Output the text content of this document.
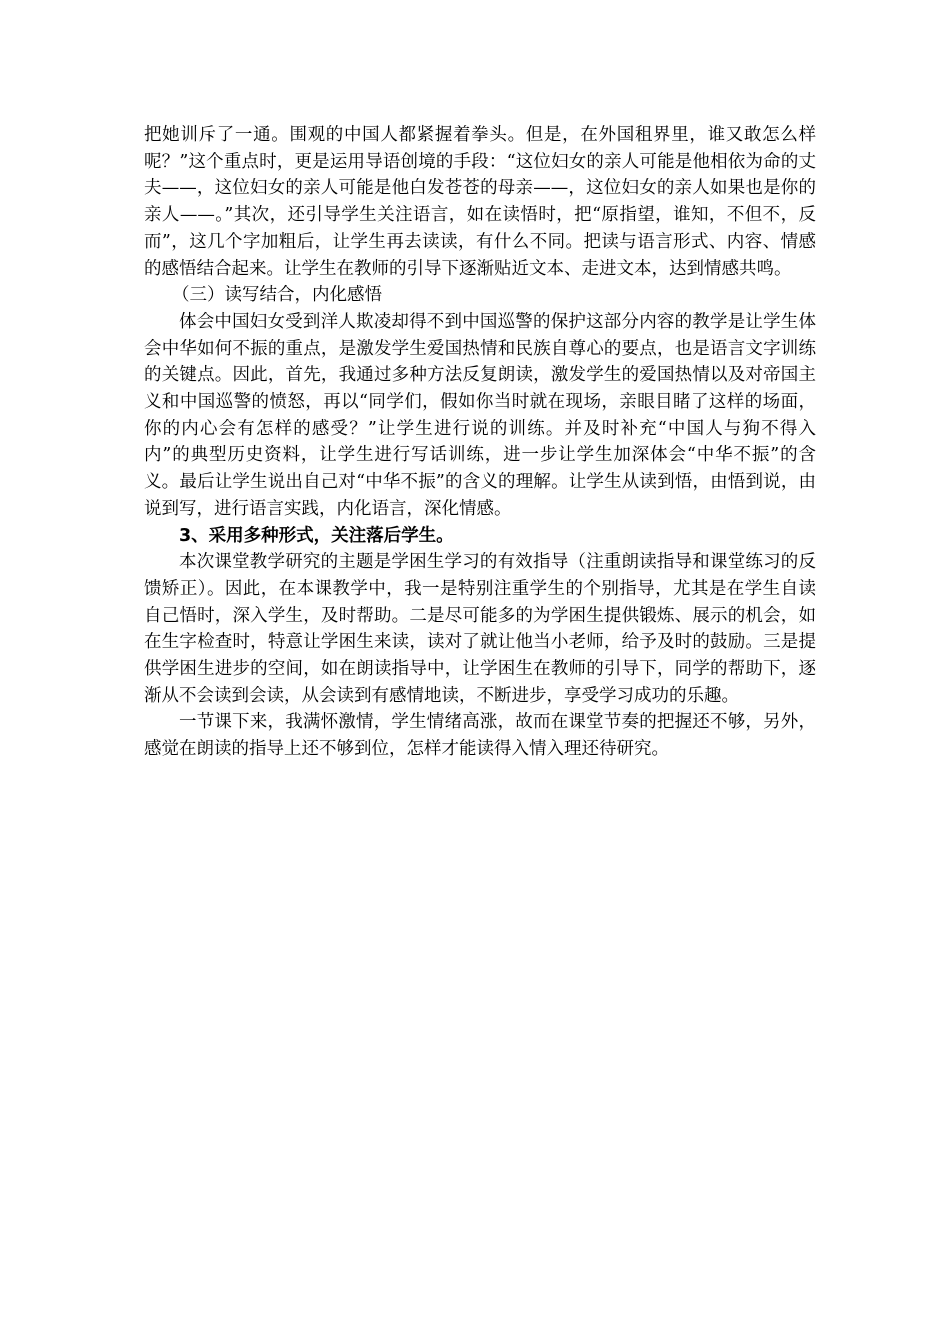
把她训斥了一通。围观的中国人都紧握着拳头。但是，在外国租界里，谁又敢怎么样呢？”这个重点时，更是运用导语创境的手段：“这位妇女的亲人可能是他相依为命的丈夫——，这位妇女的亲人可能是他白发苍苍的母亲——，这位妇女的亲人如果也是你的亲人——。”其次，还引导学生关注语言，如在读悟时，把“原指望，谁知，不但不，反而”，这几个字加粗后，让学生再去读读，有什么不同。把读与语言形式、内容、情感的感悟结合起来。让学生在教师的引导下逐渐贴近文本、走进文本，达到情感共鸣。

（三）读写结合，内化感悟

体会中国妇女受到洋人欺凌却得不到中国巡警的保护这部分内容的教学是让学生体会中华如何不振的重点，是激发学生爱国热情和民族自尊心的要点，也是语言文字训练的关键点。因此，首先，我通过多种方法反复朗读，激发学生的爱国热情以及对帝国主义和中国巡警的愤怒，再以“同学们，假如你当时就在现场，亲眼目睹了这样的场面，你的内心会有怎样的感受？”让学生进行说的训练。并及时补充“中国人与狗不得入内”的典型历史资料，让学生进行写话训练，进一步让学生加深体会“中华不振”的含义。最后让学生说出自己对“中华不振”的含义的理解。让学生从读到悟，由悟到说，由说到写，进行语言实践，内化语言，深化情感。

3、采用多种形式，关注落后学生。

本次课堂教学研究的主题是学困生学习的有效指导（注重朗读指导和课堂练习的反馈矫正）。因此，在本课教学中，我一是特别注重学生的个别指导，尤其是在学生自读自己悟时，深入学生，及时帮助。二是尽可能多的为学困生提供锻炼、展示的机会，如在生字检查时，特意让学困生来读，读对了就让他当小老师，给予及时的鼓励。三是提供学困生进步的空间，如在朗读指导中，让学困生在教师的引导下，同学的帮助下，逐渐从不会读到会读，从会读到有感情地读，不断进步，享受学习成功的乐趣。

一节课下来，我满怀激情，学生情绪高涨，故而在课堂节奏的把握还不够，另外，感觉在朗读的指导上还不够到位，怎样才能读得入情入理还待研究。
